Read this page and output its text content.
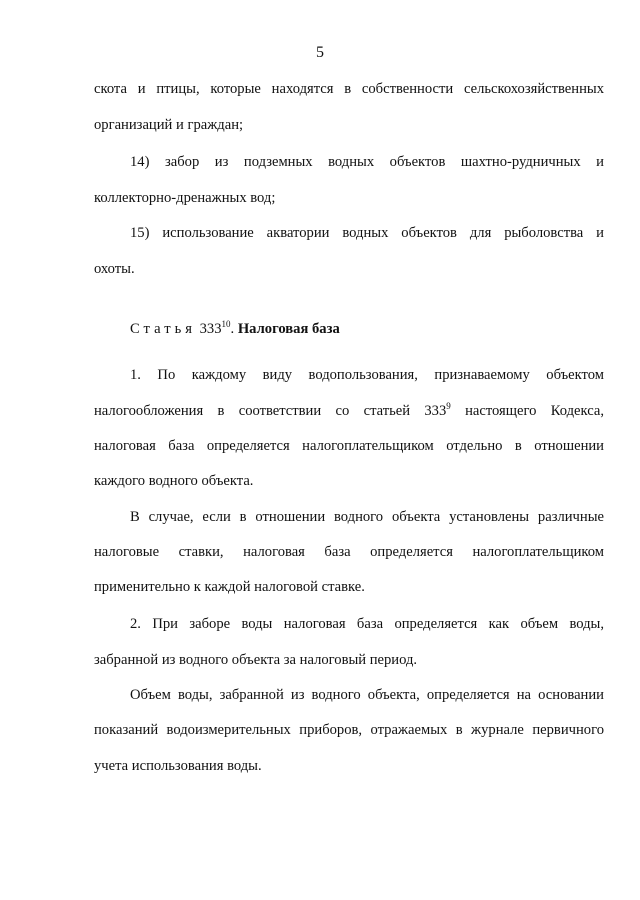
5
скота и птицы, которые находятся в собственности сельскохозяйственных
организаций и граждан;
14) забор из подземных водных объектов шахтно-рудничных и
коллекторно-дренажных вод;
15) использование акватории водных объектов для рыболовства и
охоты.
Статья $333^{10}$. Налоговая база
1. По каждому виду водопользования, признаваемому объектом
налогообложения в соответствии со статьей $333^9$ настоящего Кодекса,
налоговая база определяется налогоплательщиком отдельно в отношении
каждого водного объекта.
В случае, если в отношении водного объекта установлены различные
налоговые ставки, налоговая база определяется налогоплательщиком
применительно к каждой налоговой ставке.
2. При заборе воды налоговая база определяется как объем воды,
забранной из водного объекта за налоговый период.
Объем воды, забранной из водного объекта, определяется на основании
показаний водоизмерительных приборов, отражаемых в журнале первичного
учета использования воды.
